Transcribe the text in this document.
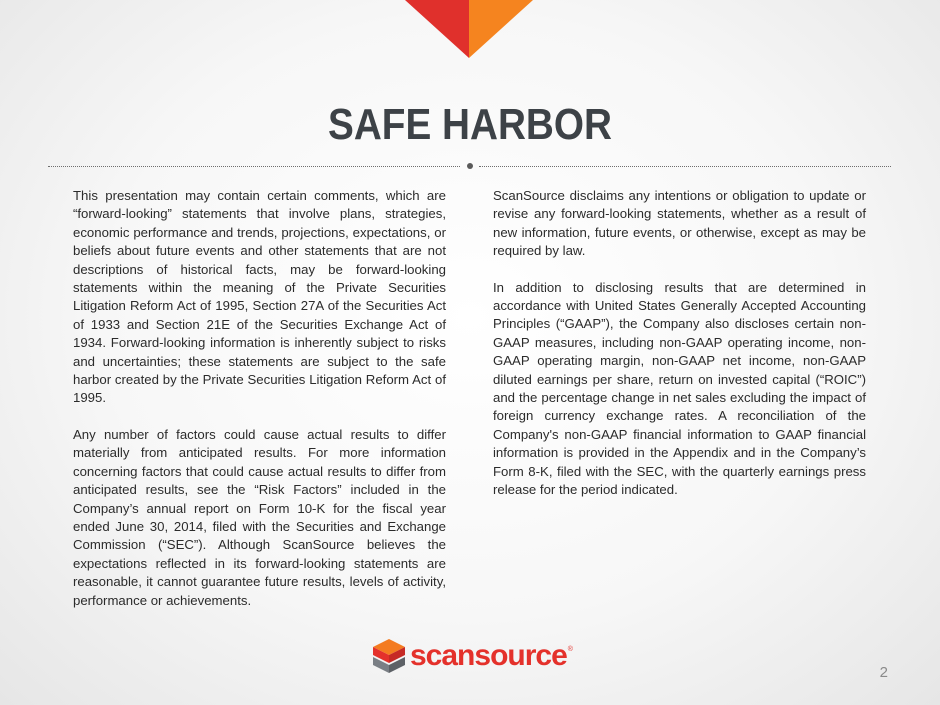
SAFE HARBOR

This presentation may contain certain comments, which are “forward-looking” statements that involve plans, strategies, economic performance and trends, projections, expectations, or beliefs about future events and other statements that are not descriptions of historical facts, may be forward-looking statements within the meaning of the Private Securities Litigation Reform Act of 1995, Section 27A of the Securities Act of 1933 and Section 21E of the Securities Exchange Act of 1934. Forward-looking information is inherently subject to risks and uncertainties; these statements are subject to the safe harbor created by the Private Securities Litigation Reform Act of 1995.

Any number of factors could cause actual results to differ materially from anticipated results. For more information concerning factors that could cause actual results to differ from anticipated results, see the “Risk Factors” included in the Company’s annual report on Form 10-K for the fiscal year ended June 30, 2014, filed with the Securities and Exchange Commission (“SEC”). Although ScanSource believes the expectations reflected in its forward-looking statements are reasonable, it cannot guarantee future results, levels of activity, performance or achievements.

ScanSource disclaims any intentions or obligation to update or revise any forward-looking statements, whether as a result of new information, future events, or otherwise, except as may be required by law.

In addition to disclosing results that are determined in accordance with United States Generally Accepted Accounting Principles (“GAAP”), the Company also discloses certain non-GAAP measures, including non-GAAP operating income, non-GAAP operating margin, non-GAAP net income, non-GAAP diluted earnings per share, return on invested capital (“ROIC”) and the percentage change in net sales excluding the impact of foreign currency exchange rates. A reconciliation of the Company's non-GAAP financial information to GAAP financial information is provided in the Appendix and in the Company’s Form 8-K, filed with the SEC, with the quarterly earnings press release for the period indicated.

scansource ®
2
